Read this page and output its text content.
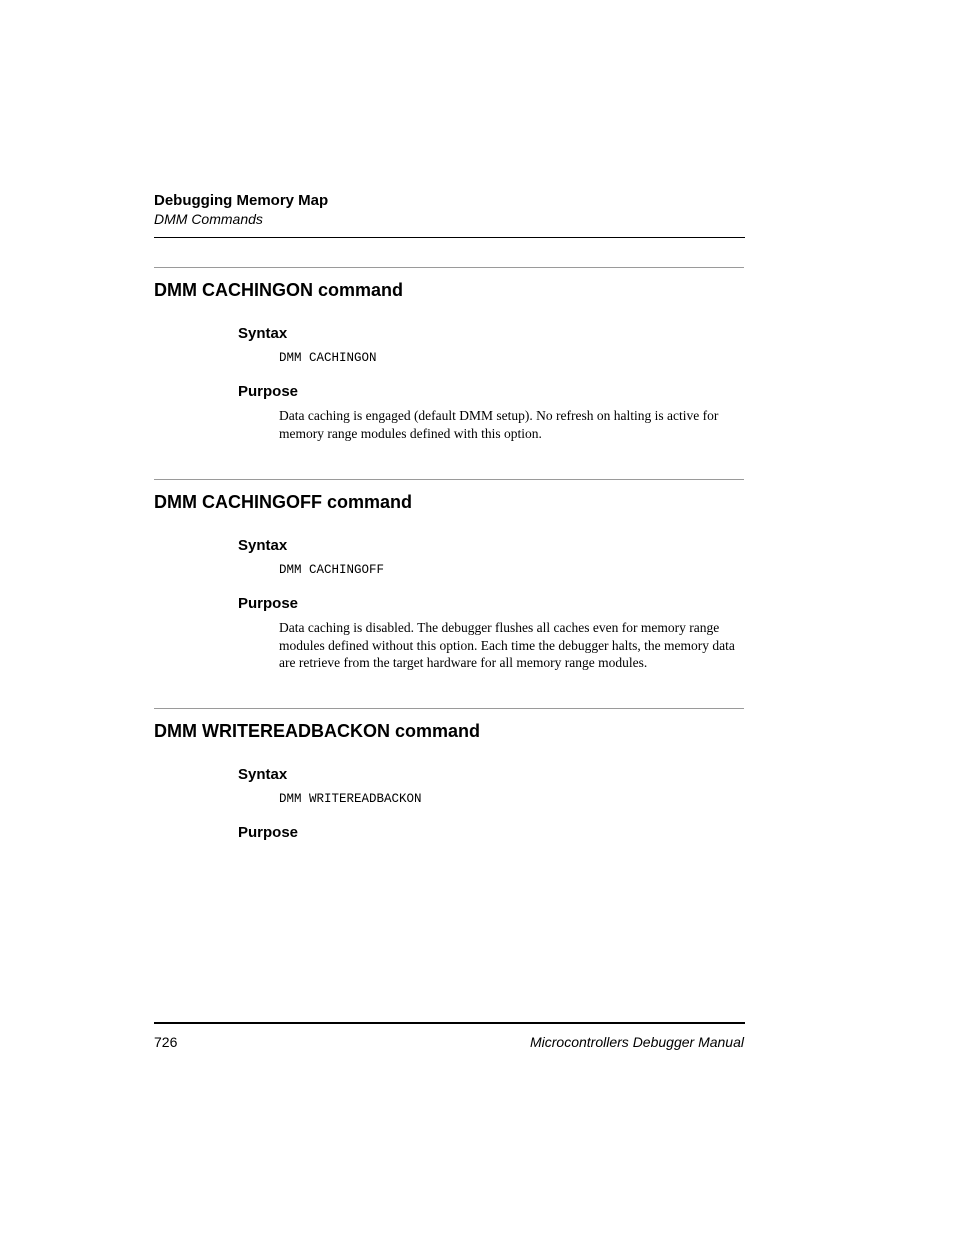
Debugging Memory Map
DMM Commands
DMM CACHINGON command
Syntax
DMM CACHINGON
Purpose
Data caching is engaged (default DMM setup). No refresh on halting is active for memory range modules defined with this option.
DMM CACHINGOFF command
Syntax
DMM CACHINGOFF
Purpose
Data caching is disabled. The debugger flushes all caches even for memory range modules defined without this option. Each time the debugger halts, the memory data are retrieve from the target hardware for all memory range modules.
DMM WRITEREADBACKON command
Syntax
DMM WRITEREADBACKON
Purpose
726	Microcontrollers Debugger Manual
